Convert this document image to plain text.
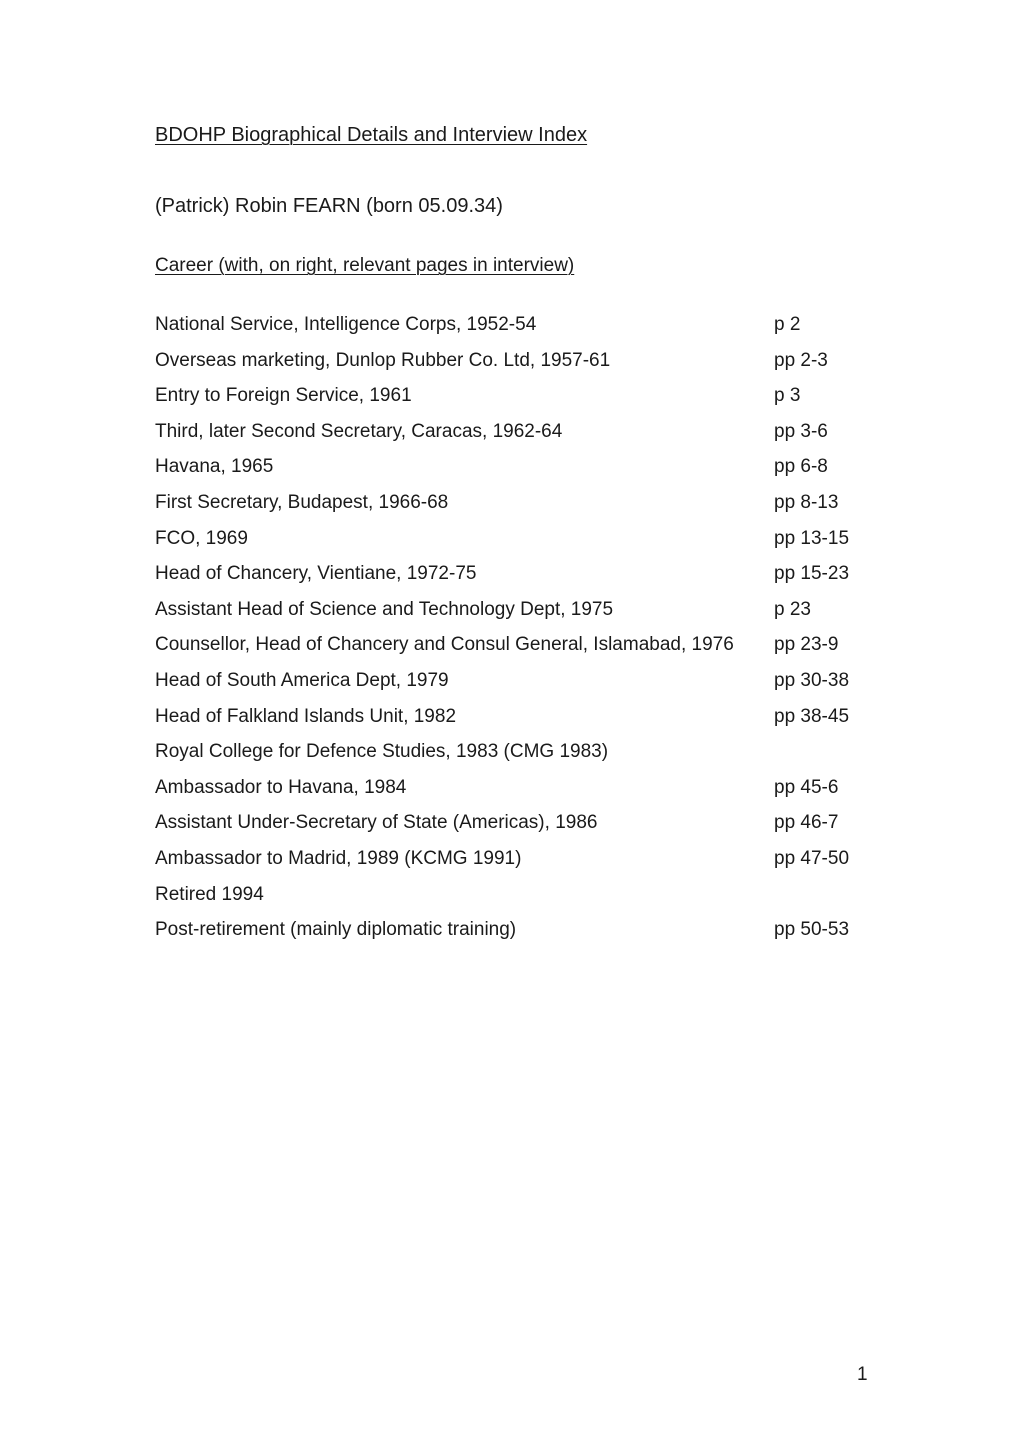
BDOHP Biographical Details and Interview Index
(Patrick) Robin FEARN (born 05.09.34)
Career (with, on right, relevant pages in interview)
National Service, Intelligence Corps, 1952-54	p 2
Overseas marketing, Dunlop Rubber Co. Ltd, 1957-61	pp 2-3
Entry to Foreign Service, 1961	p 3
Third, later Second Secretary, Caracas, 1962-64	pp 3-6
Havana, 1965	pp 6-8
First Secretary, Budapest, 1966-68	pp 8-13
FCO, 1969	pp 13-15
Head of Chancery, Vientiane, 1972-75	pp 15-23
Assistant Head of Science and Technology Dept, 1975	p 23
Counsellor, Head of Chancery and Consul General, Islamabad, 1976 pp 23-9
Head of South America Dept, 1979	pp 30-38
Head of Falkland Islands Unit, 1982	pp 38-45
Royal College for Defence Studies, 1983 (CMG 1983)
Ambassador to Havana, 1984	pp 45-6
Assistant Under-Secretary of State (Americas), 1986	pp 46-7
Ambassador to Madrid, 1989 (KCMG 1991)	pp 47-50
Retired 1994
Post-retirement (mainly diplomatic training)	pp 50-53
1
